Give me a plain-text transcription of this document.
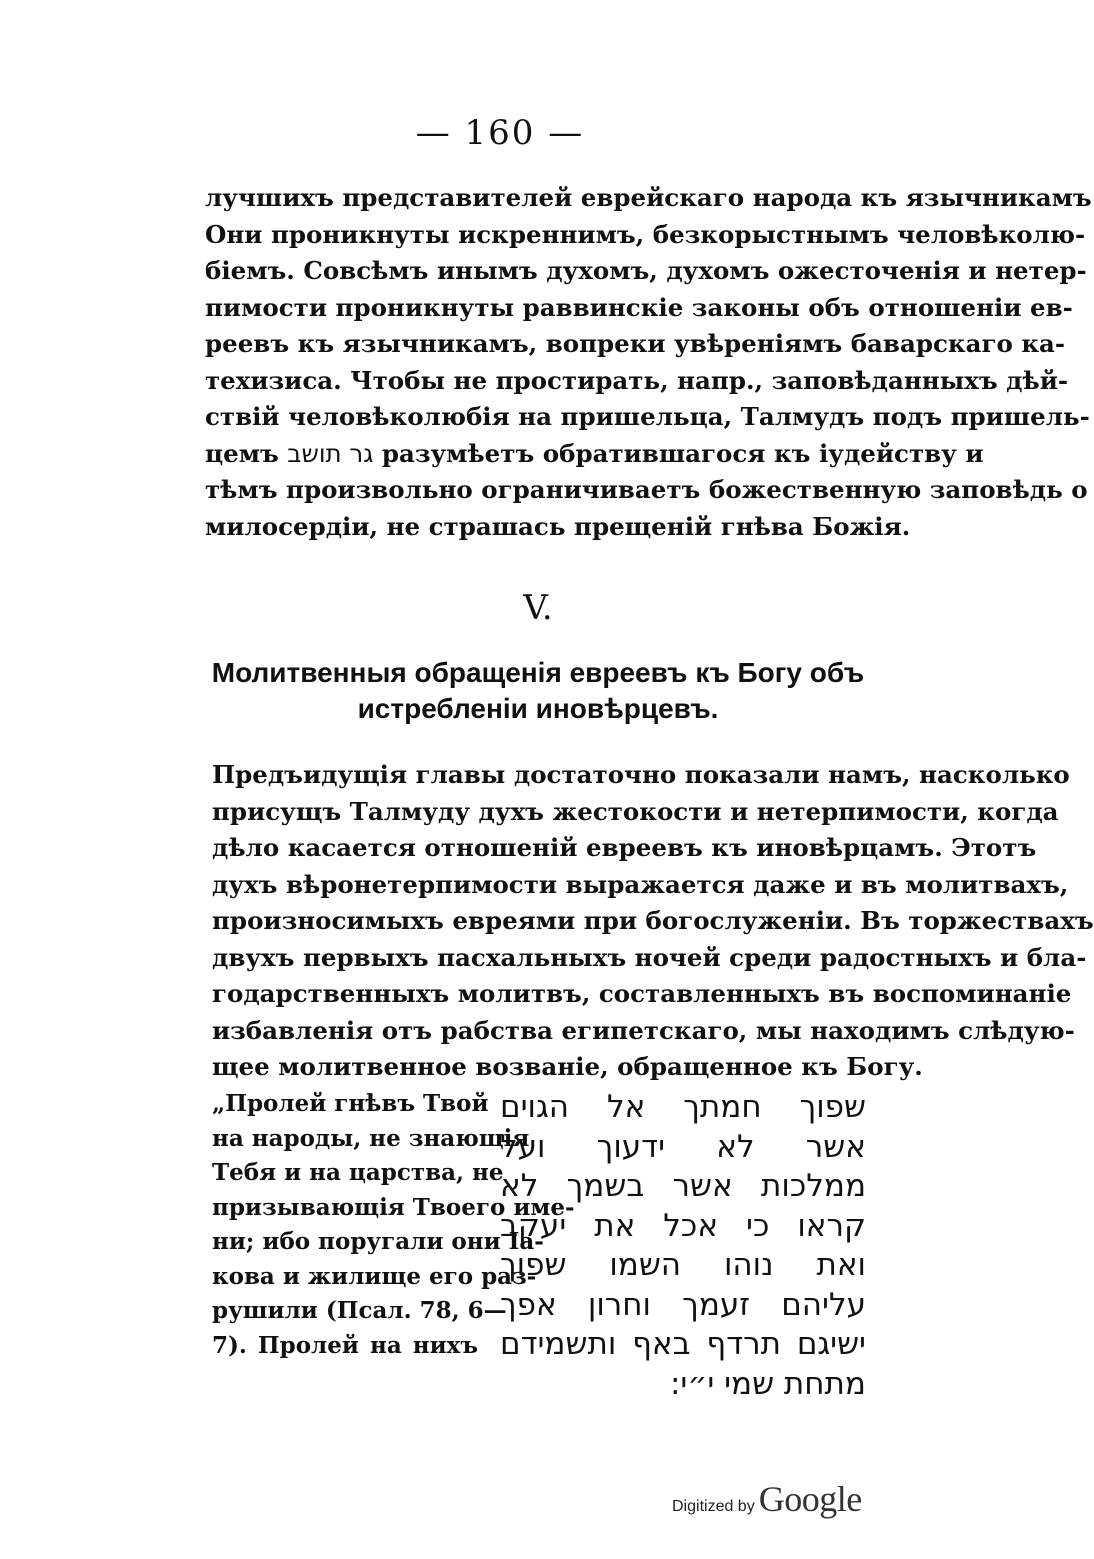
— 160 —
лучшихъ представителей еврейскаго народа къ язычникамъ
Они проникнуты искреннимъ, безкорыстнымъ человѣколю-
біемъ. Совсѣмъ инымъ духомъ, духомъ ожесточенія и нетер-
пимости проникнуты раввинскіе законы объ отношеніи ев-
реевъ къ язычникамъ, вопреки увѣреніямъ баварскаго ка-
техизиса. Чтобы не простирать, напр., заповѣданныхъ дѣй-
ствій человѣколюбія на пришельца, Талмудъ подъ пришель-
цемъ גר תושב разумѣетъ обратившагося къ іудейству и
тѣмъ произвольно ограничиваетъ божественную заповѣдь о
милосердіи, не страшась прещеній гнѣва Божія.
V.
Молитвенныя обращенія евреевъ къ Богу объ
истребленіи иновѣрцевъ.
Предъидущія главы достаточно показали намъ, насколько
присущъ Талмуду духъ жестокости и нетерпимости, когда
дѣло касается отношеній евреевъ къ иновѣрцамъ. Этотъ
духъ вѣронетерпимости выражается даже и въ молитвахъ,
произносимыхъ евреями при богослуженіи. Въ торжествахъ
двухъ первыхъ пасхальныхъ ночей среди радостныхъ и бла-
годарственныхъ молитвъ, составленныхъ въ воспоминаніе
избавленія отъ рабства египетскаго, мы находимъ слѣдую-
щее молитвенное возваніе, обращенное къ Богу.
„Пролей гнѣвъ Твой
на народы, не знающія
Тебя и на царства, не
призывающія Твоего име-
ни; ибо поругали они Іа-
кова и жилище его раз-
рушили (Псал. 78, 6—
7). Пролей на нихъ
שפוך חמתך אל הגוים
אשר לא ידעוך ועל
ממלכות אשר בשמך לא
קראו כי אכל את יעקב
ואת נוהו השמו שפוך
עליהם זעמך וחרון אפך
ישיגם תרדף באף ותשמידם
מתחת שמי י״י:
Digitized by Google
